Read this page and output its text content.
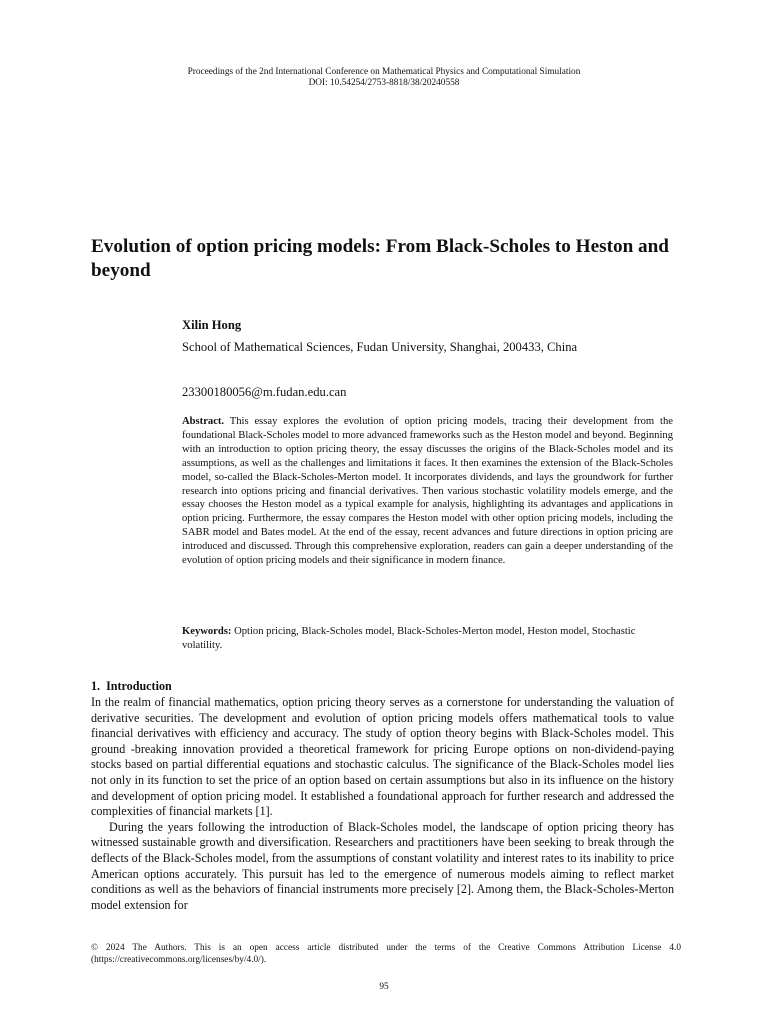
Proceedings of the 2nd International Conference on Mathematical Physics and Computational Simulation
DOI: 10.54254/2753-8818/38/20240558
Evolution of option pricing models: From Black-Scholes to Heston and beyond
Xilin Hong
School of Mathematical Sciences, Fudan University, Shanghai, 200433, China
23300180056@m.fudan.edu.can
Abstract. This essay explores the evolution of option pricing models, tracing their development from the foundational Black-Scholes model to more advanced frameworks such as the Heston model and beyond. Beginning with an introduction to option pricing theory, the essay discusses the origins of the Black-Scholes model and its assumptions, as well as the challenges and limitations it faces. It then examines the extension of the Black-Scholes model, so-called the Black-Scholes-Merton model. It incorporates dividends, and lays the groundwork for further research into options pricing and financial derivatives. Then various stochastic volatility models emerge, and the essay chooses the Heston model as a typical example for analysis, highlighting its advantages and applications in option pricing. Furthermore, the essay compares the Heston model with other option pricing models, including the SABR model and Bates model. At the end of the essay, recent advances and future directions in option pricing are introduced and discussed. Through this comprehensive exploration, readers can gain a deeper understanding of the evolution of option pricing models and their significance in modern finance.
Keywords: Option pricing, Black-Scholes model, Black-Scholes-Merton model, Heston model, Stochastic volatility.
1. Introduction

In the realm of financial mathematics, option pricing theory serves as a cornerstone for understanding the valuation of derivative securities. The development and evolution of option pricing models offers mathematical tools to value financial derivatives with efficiency and accuracy. The study of option theory begins with Black-Scholes model. This ground -breaking innovation provided a theoretical framework for pricing Europe options on non-dividend-paying stocks based on partial differential equations and stochastic calculus. The significance of the Black-Scholes model lies not only in its function to set the price of an option based on certain assumptions but also in its influence on the history and development of option pricing model. It established a foundational approach for further research and addressed the complexities of financial markets [1].

During the years following the introduction of Black-Scholes model, the landscape of option pricing theory has witnessed sustainable growth and diversification. Researchers and practitioners have been seeking to break through the deflects of the Black-Scholes model, from the assumptions of constant volatility and interest rates to its inability to price American options accurately. This pursuit has led to the emergence of numerous models aiming to reflect market conditions as well as the behaviors of financial instruments more precisely [2]. Among them, the Black-Scholes-Merton model extension for

© 2024 The Authors. This is an open access article distributed under the terms of the Creative Commons Attribution License 4.0 (https://creativecommons.org/licenses/by/4.0/).
95
